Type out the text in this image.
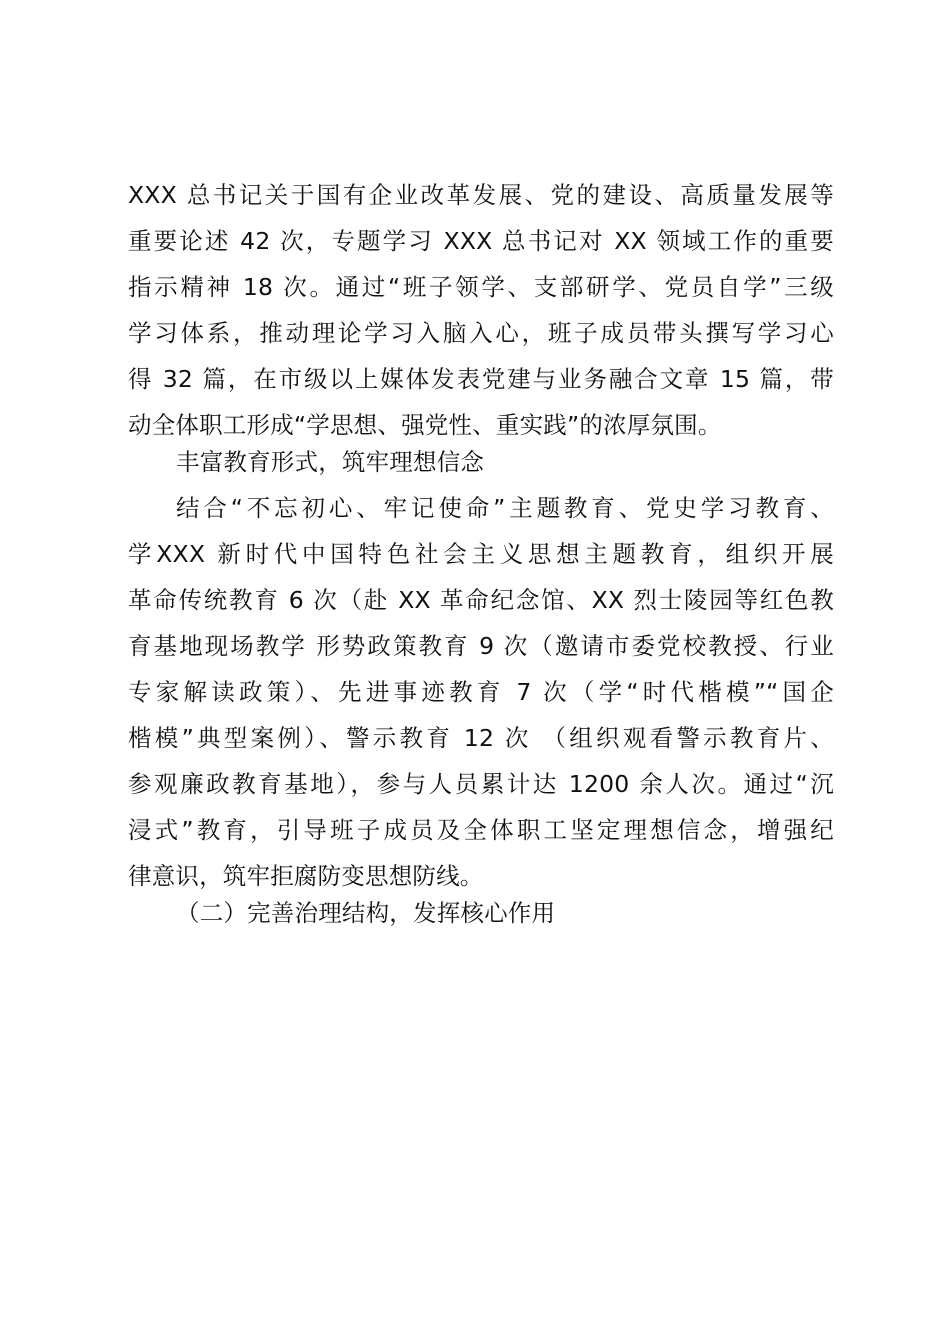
XXX 总书记关于国有企业改革发展、党的建设、高质量发展等
重要论述 42 次，专题学习 XXX 总书记对 XX 领域工作的重要
指示精神 18 次。通过“班子领学、支部研学、党员自学”三级
学习体系，推动理论学习入脑入心，班子成员带头撰写学习心
得 32 篇，在市级以上媒体发表党建与业务融合文章 15 篇，带
动全体职工形成“学思想、强党性、重实践”的浓厚氛围。
丰富教育形式，筑牢理想信念
结合“不忘初心、牢记使命”主题教育、党史学习教育、
学XXX 新时代中国特色社会主义思想主题教育，组织开展
革命传统教育 6 次（赴 XX 革命纪念馆、XX 烈士陵园等红色教
育基地现场教学 形势政策教育 9 次（邀请市委党校教授、行业
专家解读政策）、先进事迹教育 7 次（学“时代楷模”“国企
楷模”典型案例）、警示教育 12 次 （组织观看警示教育片、
参观廉政教育基地），参与人员累计达 1200 余人次。通过“沉
浸式”教育，引导班子成员及全体职工坚定理想信念，增强纪
律意识，筑牢拒腐防变思想防线。
（二）完善治理结构，发挥核心作用
